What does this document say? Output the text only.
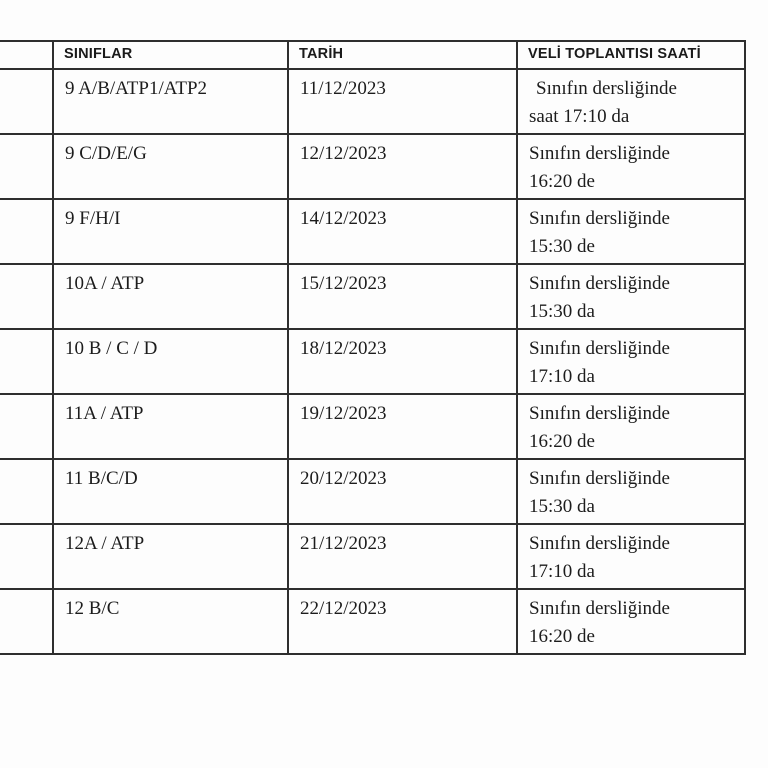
	SINIFLAR	TARİH	VELİ TOPLANTISI SAATİ
	9 A/B/ATP1/ATP2	11/12/2023	Sınıfın dersliğinde
saat 17:10 da

	9 C/D/E/G	12/12/2023	Sınıfın dersliğinde
16:20 de

	9 F/H/I	14/12/2023	Sınıfın dersliğinde
15:30 de

	10A / ATP	15/12/2023	Sınıfın dersliğinde
15:30 da

	10 B / C / D	18/12/2023	Sınıfın dersliğinde
17:10 da

	11A / ATP	19/12/2023	Sınıfın dersliğinde
16:20 de

	11 B/C/D	20/12/2023	Sınıfın dersliğinde
15:30 da

	12A / ATP	21/12/2023	Sınıfın dersliğinde
17:10 da

	12 B/C	22/12/2023	Sınıfın dersliğinde
16:20 de
